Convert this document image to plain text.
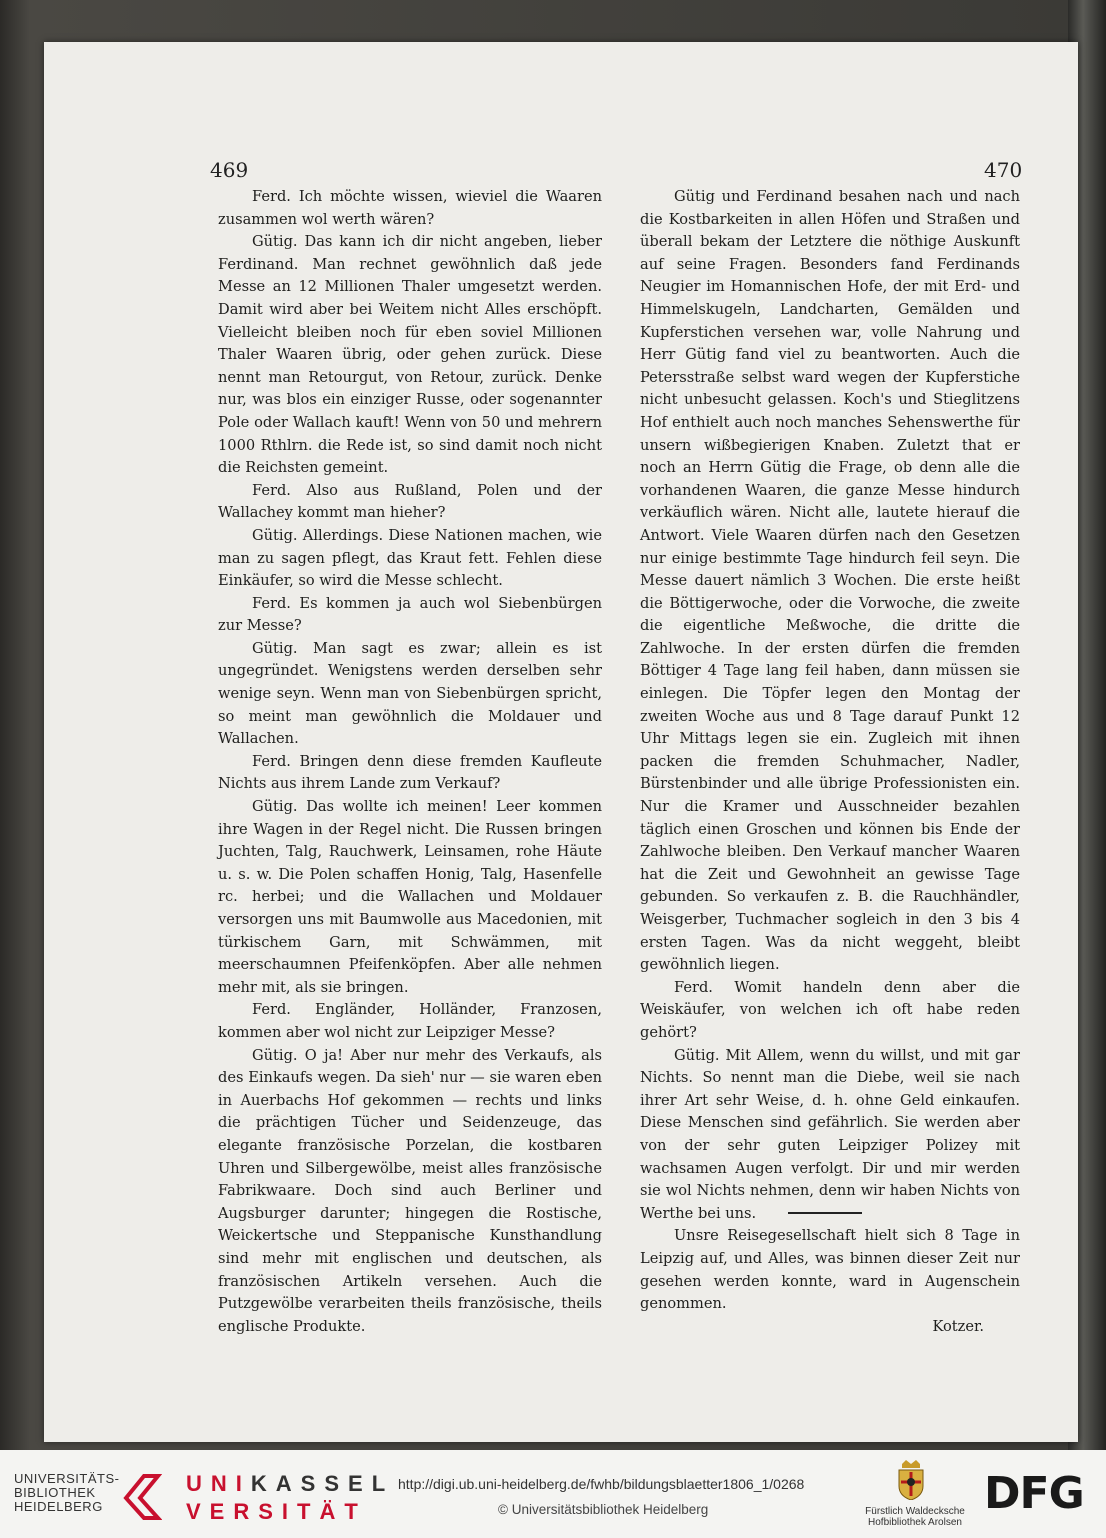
469	470

Ferd. Ich möchte wissen, wieviel die Waaren zusammen wol werth wären?

Gütig. Das kann ich dir nicht angeben, lieber Ferdinand. Man rechnet gewöhnlich daß jede Messe an 12 Millionen Thaler umgesetzt werden. Damit wird aber bei Weitem nicht Alles erschöpft. Vielleicht bleiben noch für eben soviel Millionen Thaler Waaren übrig, oder gehen zurück. Diese nennt man Retourgut, von Retour, zurück. Denke nur, was blos ein einziger Russe, oder sogenannter Pole oder Wallach kauft! Wenn von 50 und mehrern 1000 Rthlrn. die Rede ist, so sind damit noch nicht die Reichsten gemeint.

Ferd. Also aus Rußland, Polen und der Wallachey kommt man hieher?

Gütig. Allerdings. Diese Nationen machen, wie man zu sagen pflegt, das Kraut fett. Fehlen diese Einkäufer, so wird die Messe schlecht.

Ferd. Es kommen ja auch wol Siebenbürgen zur Messe?

Gütig. Man sagt es zwar; allein es ist ungegründet. Wenigstens werden derselben sehr wenige seyn. Wenn man von Siebenbürgen spricht, so meint man gewöhnlich die Moldauer und Wallachen.

Ferd. Bringen denn diese fremden Kaufleute Nichts aus ihrem Lande zum Verkauf?

Gütig. Das wollte ich meinen! Leer kommen ihre Wagen in der Regel nicht. Die Russen bringen Juchten, Talg, Rauchwerk, Leinsamen, rohe Häute u. s. w. Die Polen schaffen Honig, Talg, Hasenfelle rc. herbei; und die Wallachen und Moldauer versorgen uns mit Baumwolle aus Macedonien, mit türkischem Garn, mit Schwämmen, mit meerschaumnen Pfeifenköpfen. Aber alle nehmen mehr mit, als sie bringen.

Ferd. Engländer, Holländer, Franzosen, kommen aber wol nicht zur Leipziger Messe?

Gütig. O ja! Aber nur mehr des Verkaufs, als des Einkaufs wegen. Da sieh' nur — sie waren eben in Auerbachs Hof gekommen — rechts und links die prächtigen Tücher und Seidenzeuge, das elegante französische Porzelan, die kostbaren Uhren und Silbergewölbe, meist alles französische Fabrikwaare. Doch sind auch Berliner und Augsburger darunter; hingegen die Rostische, Weickertsche und Steppanische Kunsthandlung sind mehr mit englischen und deutschen, als französischen Artikeln versehen. Auch die Putzgewölbe verarbeiten theils französische, theils englische Produkte.

Gütig und Ferdinand besahen nach und nach die Kostbarkeiten in allen Höfen und Straßen und überall bekam der Letztere die nöthige Auskunft auf seine Fragen. Besonders fand Ferdinands Neugier im Homannischen Hofe, der mit Erd- und Himmelskugeln, Landcharten, Gemälden und Kupferstichen versehen war, volle Nahrung und Herr Gütig fand viel zu beantworten. Auch die Petersstraße selbst ward wegen der Kupferstiche nicht unbesucht gelassen. Koch's und Stieglitzens Hof enthielt auch noch manches Sehenswerthe für unsern wißbegierigen Knaben. Zuletzt that er noch an Herrn Gütig die Frage, ob denn alle die vorhandenen Waaren, die ganze Messe hindurch verkäuflich wären. Nicht alle, lautete hierauf die Antwort. Viele Waaren dürfen nach den Gesetzen nur einige bestimmte Tage hindurch feil seyn. Die Messe dauert nämlich 3 Wochen. Die erste heißt die Böttigerwoche, oder die Vorwoche, die zweite die eigentliche Meßwoche, die dritte die Zahlwoche. In der ersten dürfen die fremden Böttiger 4 Tage lang feil haben, dann müssen sie einlegen. Die Töpfer legen den Montag der zweiten Woche aus und 8 Tage darauf Punkt 12 Uhr Mittags legen sie ein. Zugleich mit ihnen packen die fremden Schuhmacher, Nadler, Bürstenbinder und alle übrige Professionisten ein. Nur die Kramer und Ausschneider bezahlen täglich einen Groschen und können bis Ende der Zahlwoche bleiben. Den Verkauf mancher Waaren hat die Zeit und Gewohnheit an gewisse Tage gebunden. So verkaufen z. B. die Rauchhändler, Weisgerber, Tuchmacher sogleich in den 3 bis 4 ersten Tagen. Was da nicht weggeht, bleibt gewöhnlich liegen.

Ferd. Womit handeln denn aber die Weiskäufer, von welchen ich oft habe reden gehört?

Gütig. Mit Allem, wenn du willst, und mit gar Nichts. So nennt man die Diebe, weil sie nach ihrer Art sehr Weise, d. h. ohne Geld einkaufen. Diese Menschen sind gefährlich. Sie werden aber von der sehr guten Leipziger Polizey mit wachsamen Augen verfolgt. Dir und mir werden sie wol Nichts nehmen, denn wir haben Nichts von Werthe bei uns.

Unsre Reisegesellschaft hielt sich 8 Tage in Leipzig auf, und Alles, was binnen dieser Zeit nur gesehen werden konnte, ward in Augenschein genommen.

Kotzer.

UNIVERSITÄTS-
BIBLIOTHEK
HEIDELBERG
UNIKASSEL
VERSITÄT
http://digi.ub.uni-heidelberg.de/fwhb/bildungsblaetter1806_1/0268
© Universitätsbibliothek Heidelberg	Fürstlich Waldecksche
Hofbibliothek Arolsen
DFG
